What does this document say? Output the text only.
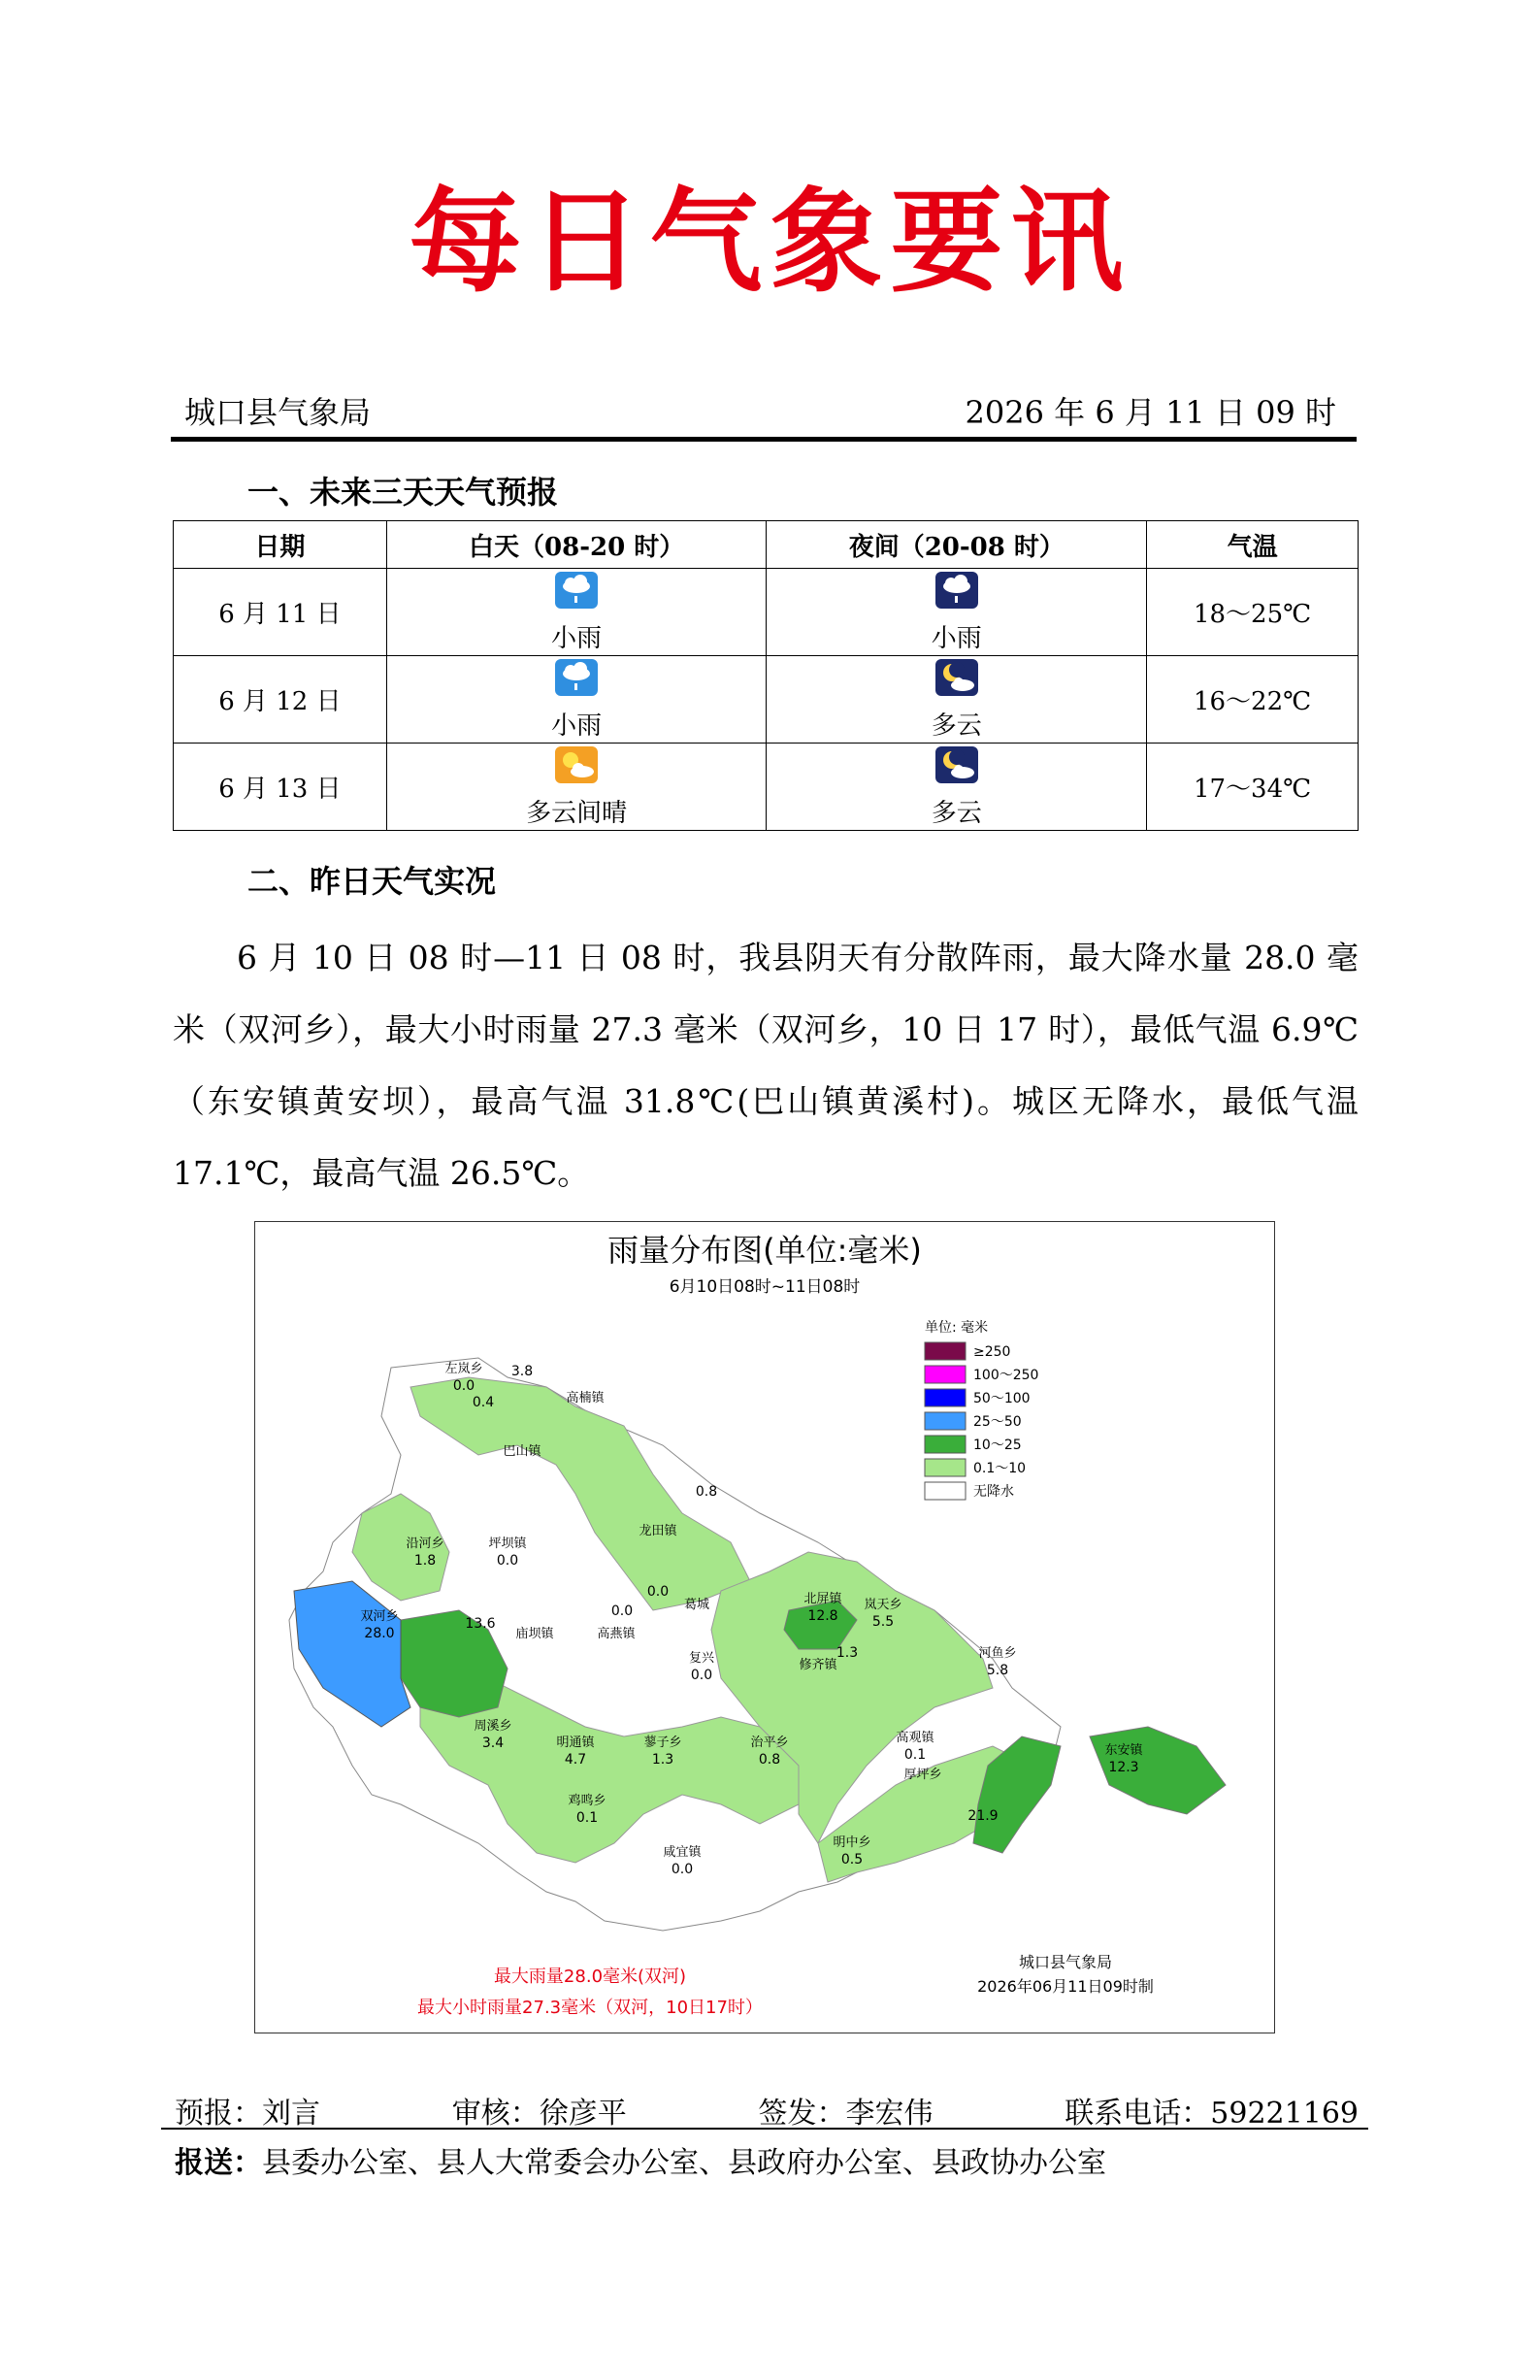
每日气象要讯
城口县气象局	2026 年 6 月 11 日 09 时
一、未来三天天气预报
日期	白天（08-20 时）	夜间（20-08 时）	气温
6 月 11 日	小雨	小雨	18～25℃
6 月 12 日	小雨	多云	16～22℃
6 月 13 日	多云间晴	多云	17～34℃
二、昨日天气实况
6 月 10 日 08 时—11 日 08 时，我县阴天有分散阵雨，最大降水量 28.0 毫米（双河乡），最大小时雨量 27.3 毫米（双河乡，10 日 17 时），最低气温 6.9℃（东安镇黄安坝），最高气温 31.8℃(巴山镇黄溪村)。城区无降水，最低气温 17.1℃，最高气温 26.5℃。
雨量分布图(单位:毫米)
6月10日08时~11日08时
单位: 毫米
≥250
100～250
50～100
25～50
10～25
0.1～10
无降水
左岚乡
0.0
0.4
3.8
高楠镇
巴山镇
0.8
龙田镇
沿河乡
1.8
坪坝镇
0.0
双河乡
28.0
13.6
庙坝镇
0.0
0.0
葛城
高燕镇
复兴
0.0
北屏镇
12.8
岚天乡
5.5
1.3
修齐镇
河鱼乡
5.8
周溪乡
3.4	明通镇
4.7
蓼子乡
1.3
治平乡
0.8
高观镇
0.1
鸡鸣乡
0.1
东安镇
12.3
厚坪乡
21.9
明中乡
0.5
咸宜镇
0.0
最大雨量28.0毫米(双河)
最大小时雨量27.3毫米（双河，10日17时）
城口县气象局
2026年06月11日09时制
预报：刘言	审核：徐彦平	签发：李宏伟	联系电话：59221169
报送：县委办公室、县人大常委会办公室、县政府办公室、县政协办公室
